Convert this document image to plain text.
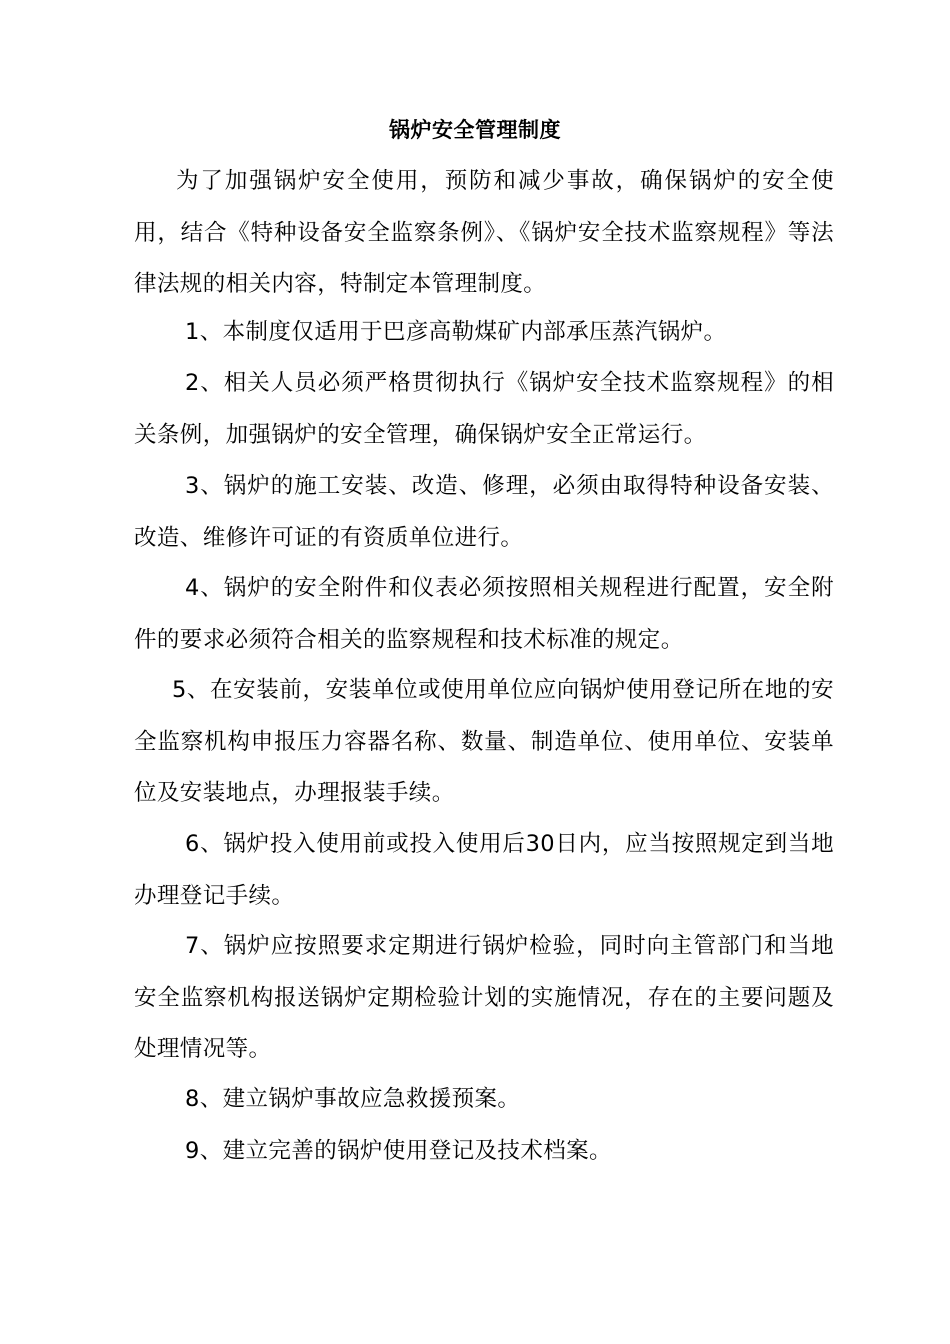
锅炉安全管理制度

为了加强锅炉安全使用，预防和减少事故，确保锅炉的安全使用，结合《特种设备安全监察条例》、《锅炉安全技术监察规程》等法律法规的相关内容，特制定本管理制度。

1、本制度仅适用于巴彦高勒煤矿内部承压蒸汽锅炉。

2、相关人员必须严格贯彻执行《锅炉安全技术监察规程》的相关条例，加强锅炉的安全管理，确保锅炉安全正常运行。

3、锅炉的施工安装、改造、修理，必须由取得特种设备安装、改造、维修许可证的有资质单位进行。

4、锅炉的安全附件和仪表必须按照相关规程进行配置，安全附件的要求必须符合相关的监察规程和技术标准的规定。

5、在安装前，安装单位或使用单位应向锅炉使用登记所在地的安全监察机构申报压力容器名称、数量、制造单位、使用单位、安装单位及安装地点，办理报装手续。

6、锅炉投入使用前或投入使用后30日内，应当按照规定到当地办理登记手续。

7、锅炉应按照要求定期进行锅炉检验，同时向主管部门和当地安全监察机构报送锅炉定期检验计划的实施情况，存在的主要问题及处理情况等。

8、建立锅炉事故应急救援预案。

9、建立完善的锅炉使用登记及技术档案。
